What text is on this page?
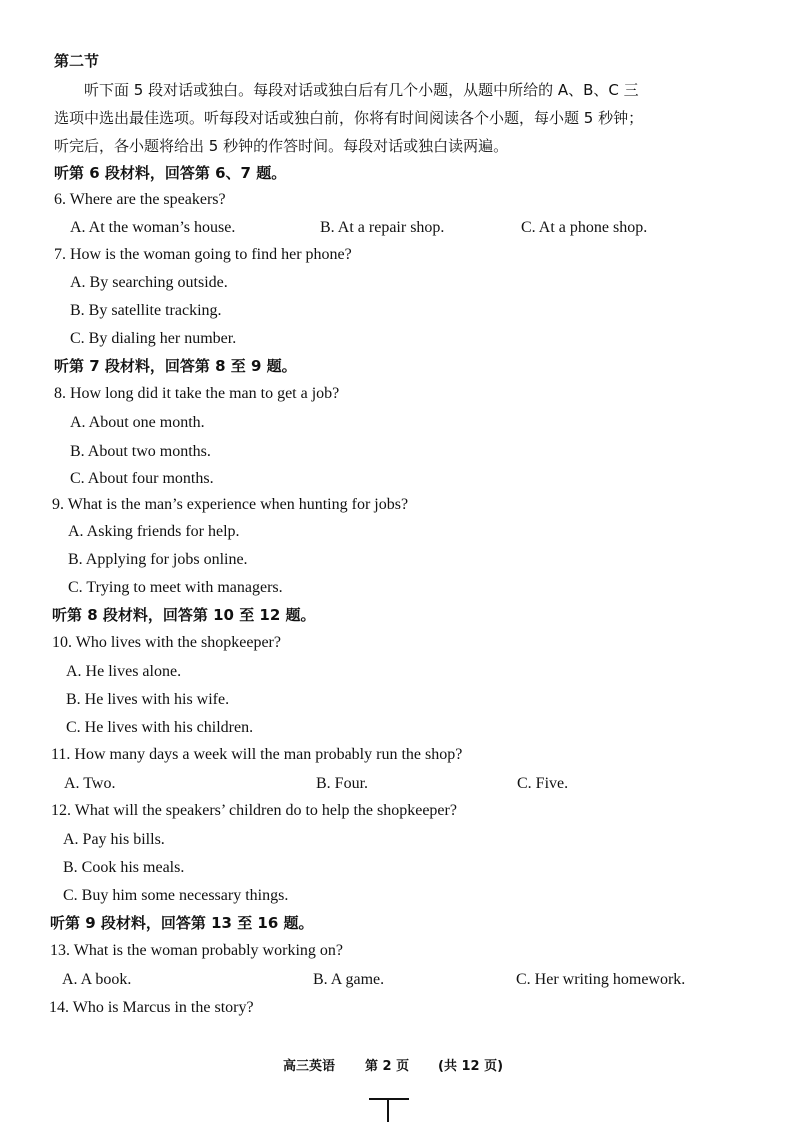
第二节
听下面 5 段对话或独白。每段对话或独白后有几个小题，从题中所给的 A、B、C 三
选项中选出最佳选项。听每段对话或独白前，你将有时间阅读各个小题，每小题 5 秒钟；
听完后，各小题将给出 5 秒钟的作答时间。每段对话或独白读两遍。
听第 6 段材料，回答第 6、7 题。
6. Where are the speakers?
A. At the woman’s house.	B. At a repair shop.	C. At a phone shop.
7. How is the woman going to find her phone?
A. By searching outside.
B. By satellite tracking.
C. By dialing her number.
听第 7 段材料，回答第 8 至 9 题。
8. How long did it take the man to get a job?
A. About one month.
B. About two months.
C. About four months.
9. What is the man’s experience when hunting for jobs?
A. Asking friends for help.
B. Applying for jobs online.
C. Trying to meet with managers.
听第 8 段材料，回答第 10 至 12 题。
10. Who lives with the shopkeeper?
A. He lives alone.
B. He lives with his wife.
C. He lives with his children.
11. How many days a week will the man probably run the shop?
A. Two.	B. Four.	C. Five.
12. What will the speakers’ children do to help the shopkeeper?
A. Pay his bills.
B. Cook his meals.
C. Buy him some necessary things.
听第 9 段材料，回答第 13 至 16 题。
13. What is the woman probably working on?
A. A book.	B. A game.	C. Her writing homework.
14. Who is Marcus in the story?
高三英语 第 2 页 (共 12 页)
